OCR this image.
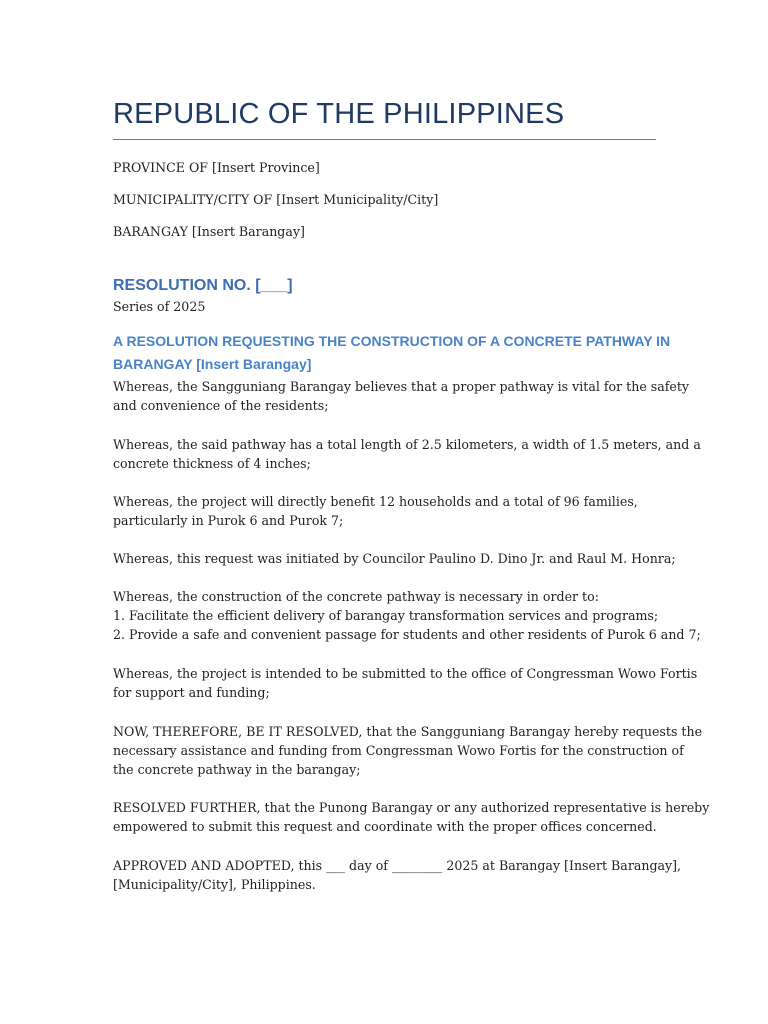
REPUBLIC OF THE PHILIPPINES

PROVINCE OF [Insert Province]

MUNICIPALITY/CITY OF [Insert Municipality/City]

BARANGAY [Insert Barangay]

RESOLUTION NO. [___]

Series of 2025

A RESOLUTION REQUESTING THE CONSTRUCTION OF A CONCRETE PATHWAY IN
BARANGAY [Insert Barangay]

Whereas, the Sangguniang Barangay believes that a proper pathway is vital for the safety
and convenience of the residents;

Whereas, the said pathway has a total length of 2.5 kilometers, a width of 1.5 meters, and a
concrete thickness of 4 inches;

Whereas, the project will directly benefit 12 households and a total of 96 families,
particularly in Purok 6 and Purok 7;

Whereas, this request was initiated by Councilor Paulino D. Dino Jr. and Raul M. Honra;

Whereas, the construction of the concrete pathway is necessary in order to:
1. Facilitate the efficient delivery of barangay transformation services and programs;
2. Provide a safe and convenient passage for students and other residents of Purok 6 and 7;

Whereas, the project is intended to be submitted to the office of Congressman Wowo Fortis
for support and funding;

NOW, THEREFORE, BE IT RESOLVED, that the Sangguniang Barangay hereby requests the
necessary assistance and funding from Congressman Wowo Fortis for the construction of
the concrete pathway in the barangay;

RESOLVED FURTHER, that the Punong Barangay or any authorized representative is hereby
empowered to submit this request and coordinate with the proper offices concerned.

APPROVED AND ADOPTED, this ___ day of ________ 2025 at Barangay [Insert Barangay],
[Municipality/City], Philippines.
